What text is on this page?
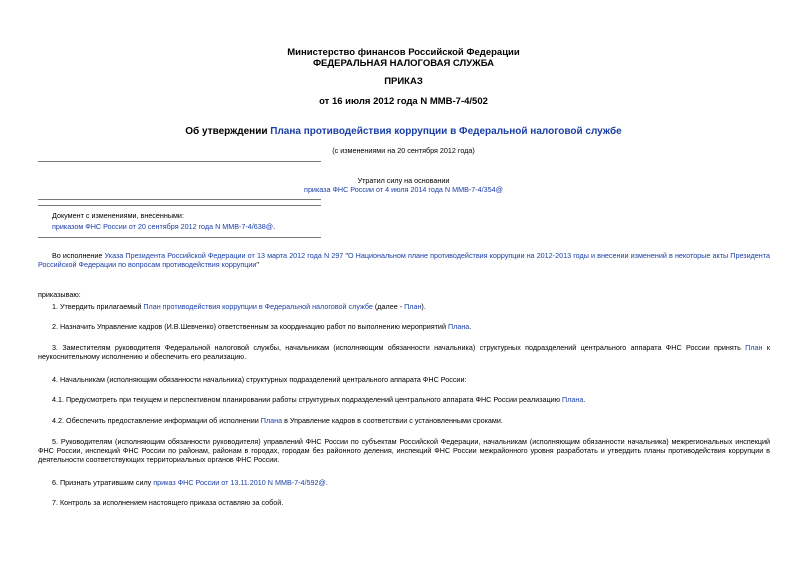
Министерство финансов Российской Федерации
ФЕДЕРАЛЬНАЯ НАЛОГОВАЯ СЛУЖБА
ПРИКАЗ
от 16 июля 2012 года N ММВ-7-4/502
Об утверждении Плана противодействия коррупции в Федеральной налоговой службе
(с изменениями на 20 сентября 2012 года)
Утратил силу на основании
приказа ФНС России от 4 июля 2014 года N ММВ-7-4/354@
Документ с изменениями, внесенными:
приказом ФНС России от 20 сентября 2012 года N ММВ-7-4/638@.
Во исполнение Указа Президента Российской Федерации от 13 марта 2012 года N 297 "О Национальном плане противодействия коррупции на 2012-2013 годы и внесении изменений в некоторые акты Президента Российской Федерации по вопросам противодействия коррупции"
приказываю:
1. Утвердить прилагаемый План противодействия коррупции в Федеральной налоговой службе (далее - План).
2. Назначить Управление кадров (И.В.Шевченко) ответственным за координацию работ по выполнению мероприятий Плана.
3. Заместителям руководителя Федеральной налоговой службы, начальникам (исполняющим обязанности начальника) структурных подразделений центрального аппарата ФНС России принять План к неукоснительному исполнению и обеспечить его реализацию.
4. Начальникам (исполняющим обязанности начальника) структурных подразделений центрального аппарата ФНС России:
4.1. Предусмотреть при текущем и перспективном планировании работы структурных подразделений центрального аппарата ФНС России реализацию Плана.
4.2. Обеспечить предоставление информации об исполнении Плана в Управление кадров в соответствии с установленными сроками.
5. Руководителям (исполняющим обязанности руководителя) управлений ФНС России по субъектам Российской Федерации, начальникам (исполняющим обязанности начальника) межрегиональных инспекций ФНС России, инспекций ФНС России по районам, районам в городах, городам без районного деления, инспекций ФНС России межрайонного уровня разработать и утвердить планы противодействия коррупции в деятельности соответствующих территориальных органов ФНС России.
6. Признать утратившим силу приказ ФНС России от 13.11.2010 N ММВ-7-4/592@.
7. Контроль за исполнением настоящего приказа оставляю за собой.
